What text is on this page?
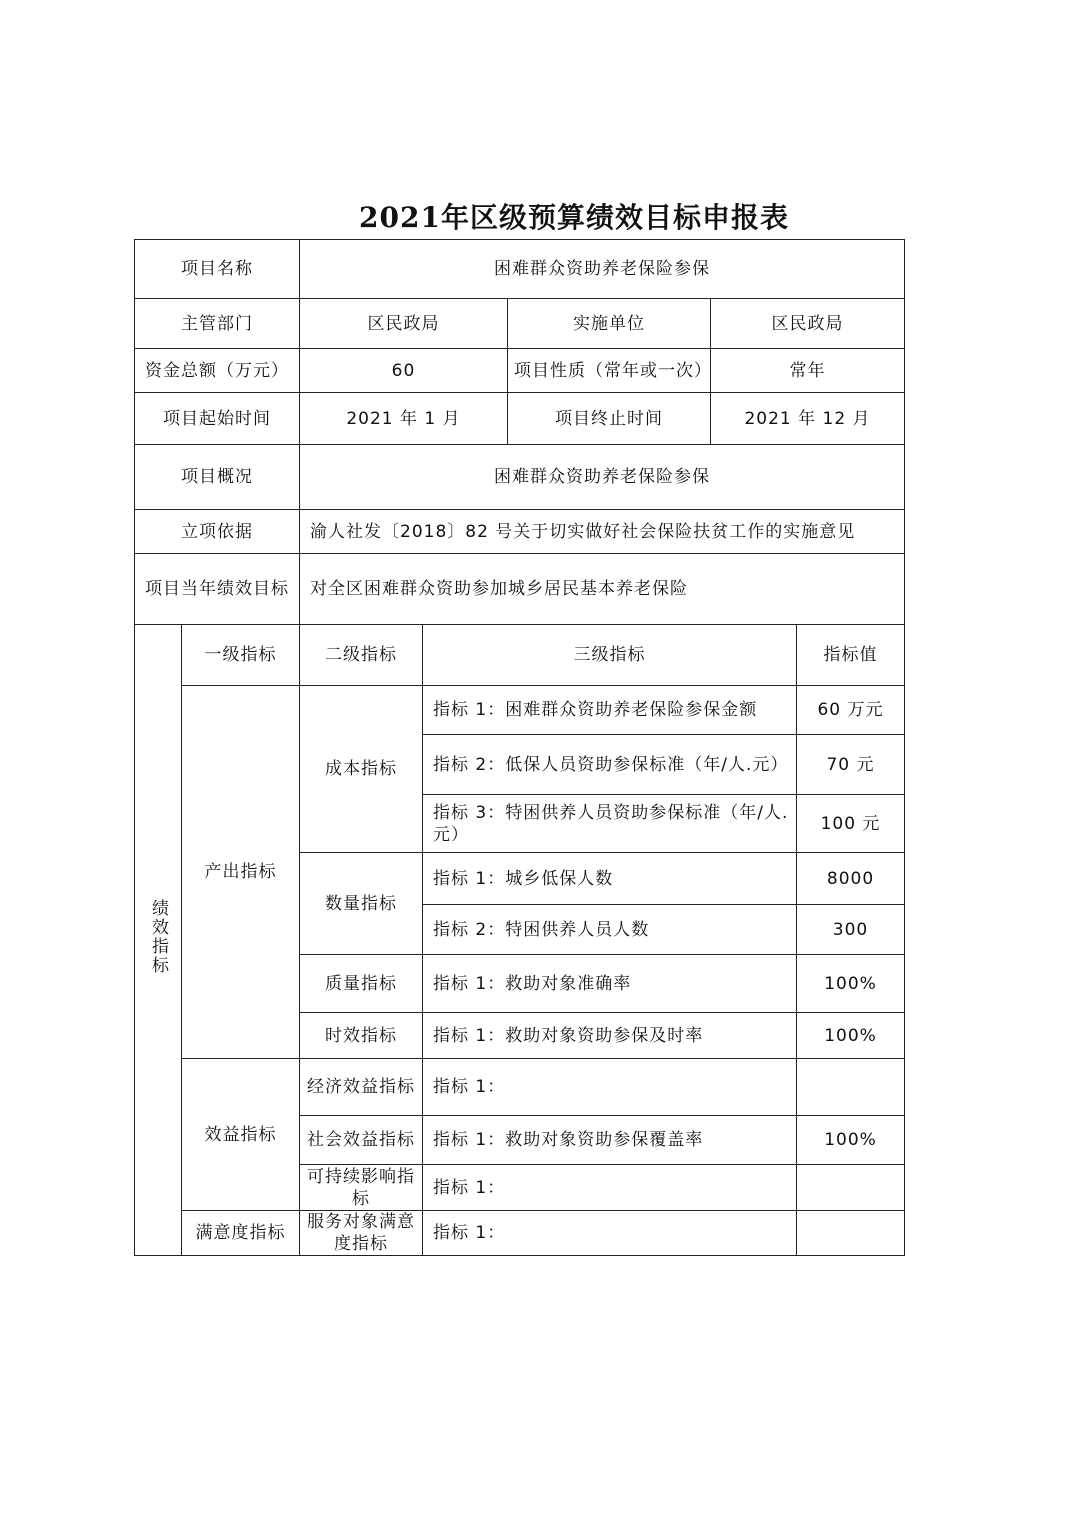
2021年区级预算绩效目标申报表
项目名称		困难群众资助养老保险参保				
主管部门		区民政局		实施单位	区民政局	
资金总额（万元）		60		项目性质（常年或一次）	常年	
项目起始时间		2021 年 1 月		项目终止时间	2021 年 12 月	
项目概况		困难群众资助养老保险参保				
立项依据		渝人社发〔2018〕82 号关于切实做好社会保险扶贫工作的实施意见				
项目当年绩效目标		对全区困难群众资助参加城乡居民基本养老保险				
绩效指标	一级指标	二级指标	三级指标			指标值
	产出指标	成本指标	指标 1：困难群众资助养老保险参保金额			60 万元
			指标 2：低保人员资助参保标准（年/人.元）			70 元
			指标 3：特困供养人员资助参保标准（年/人.元）			100 元
		数量指标	指标 1：城乡低保人数			8000
			指标 2：特困供养人员人数			300
		质量指标	指标 1：救助对象准确率			100%
		时效指标	指标 1：救助对象资助参保及时率			100%
	效益指标	经济效益指标	指标 1：			
		社会效益指标	指标 1：救助对象资助参保覆盖率			100%
		可持续影响指标	指标 1：			
	满意度指标	服务对象满意度指标	指标 1：			
